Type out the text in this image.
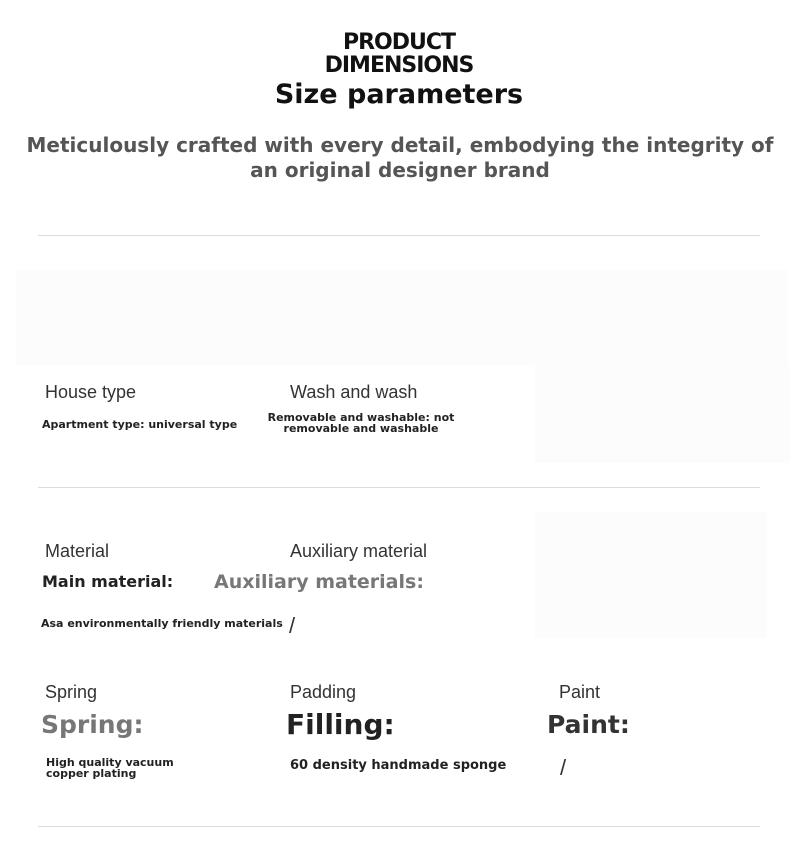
PRODUCT
DIMENSIONS
Size parameters
Meticulously crafted with every detail, embodying the integrity of an original designer brand
House type
Apartment type: universal type
Wash and wash
Removable and washable: not removable and washable
Material
Main material:
Asa environmentally friendly materials
Auxiliary material
Auxiliary materials:
/
Spring
Spring:
High quality vacuum copper plating
Padding
Filling:
60 density handmade sponge
Paint
Paint:
/
